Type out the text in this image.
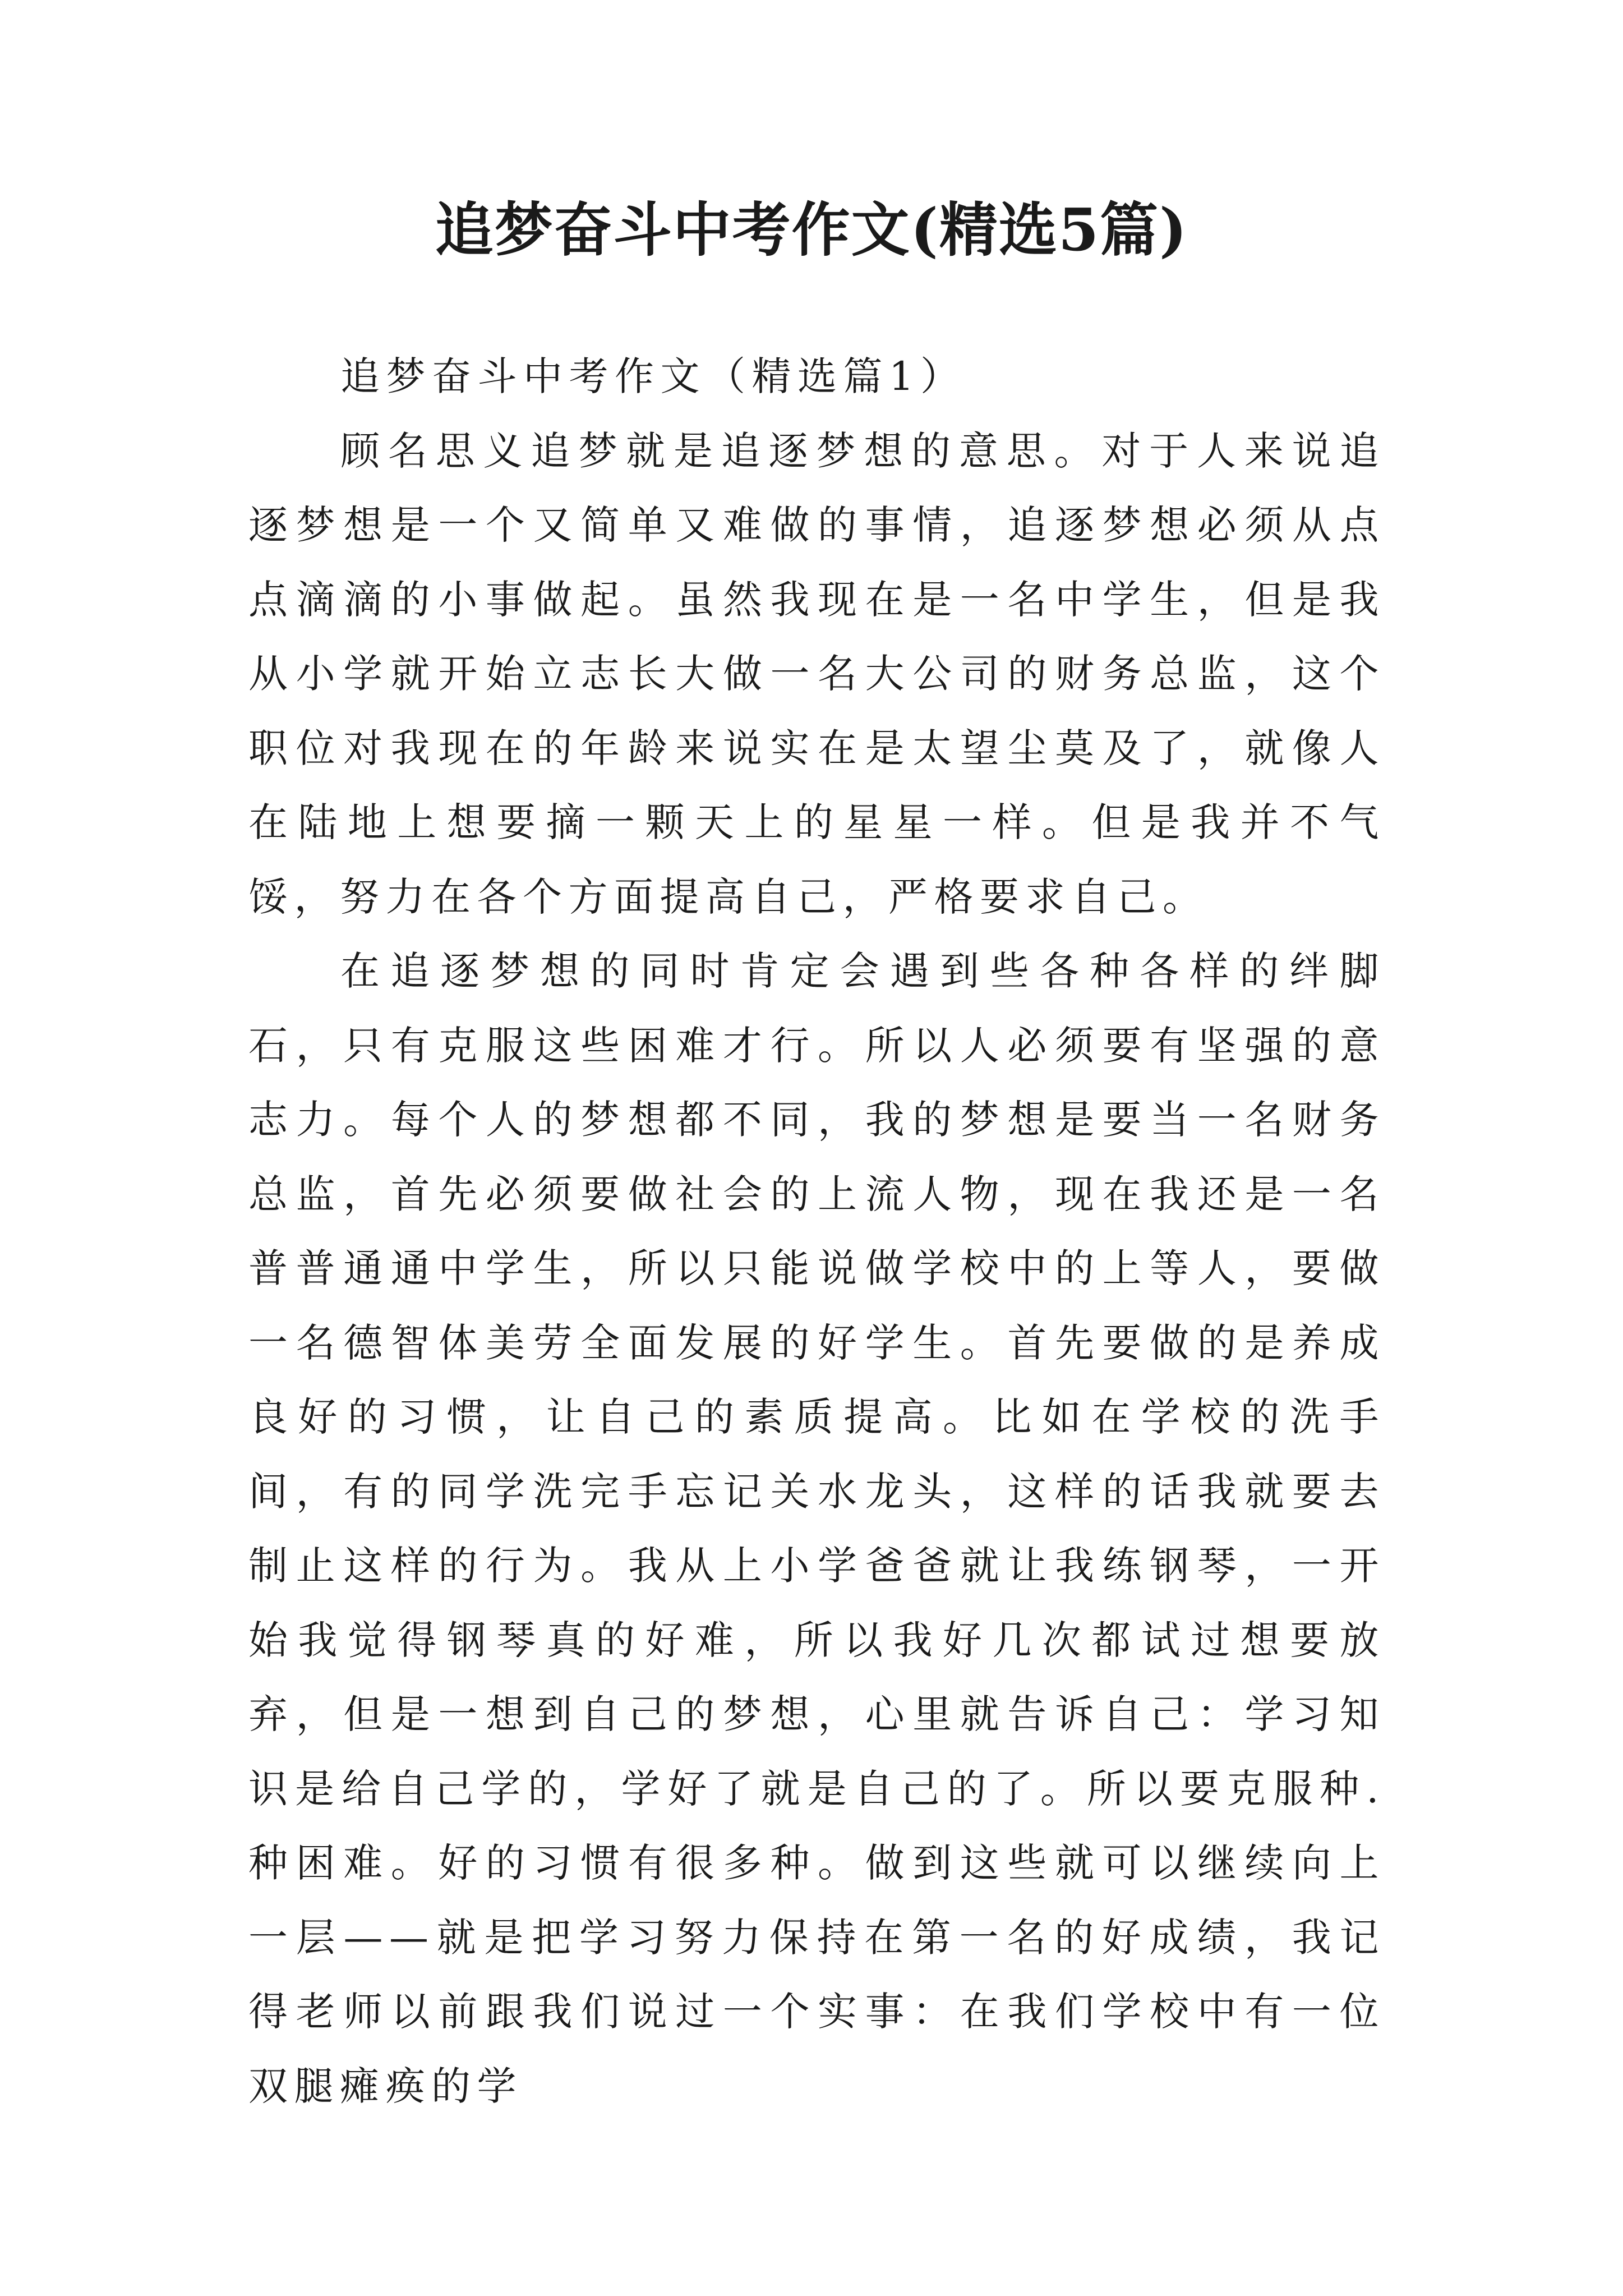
追梦奋斗中考作文(精选5篇)

追梦奋斗中考作文（精选篇1）

顾名思义追梦就是追逐梦想的意思。对于人来说追逐梦想是一个又简单又难做的事情，追逐梦想必须从点点滴滴的小事做起。虽然我现在是一名中学生，但是我从小学就开始立志长大做一名大公司的财务总监，这个职位对我现在的年龄来说实在是太望尘莫及了，就像人在陆地上想要摘一颗天上的星星一样。但是我并不气馁，努力在各个方面提高自己，严格要求自己。

在追逐梦想的同时肯定会遇到些各种各样的绊脚石，只有克服这些困难才行。所以人必须要有坚强的意志力。每个人的梦想都不同，我的梦想是要当一名财务总监，首先必须要做社会的上流人物，现在我还是一名普普通通中学生，所以只能说做学校中的上等人，要做一名德智体美劳全面发展的好学生。首先要做的是养成良好的习惯，让自己的素质提高。比如在学校的洗手间，有的同学洗完手忘记关水龙头，这样的话我就要去制止这样的行为。我从上小学爸爸就让我练钢琴，一开始我觉得钢琴真的好难，所以我好几次都试过想要放弃，但是一想到自己的梦想，心里就告诉自己：学习知识是给自己学的，学好了就是自己的了。所以要克服种.种困难。好的习惯有很多种。做到这些就可以继续向上一层——就是把学习努力保持在第一名的好成绩，我记得老师以前跟我们说过一个实事：在我们学校中有一位双腿瘫痪的学
